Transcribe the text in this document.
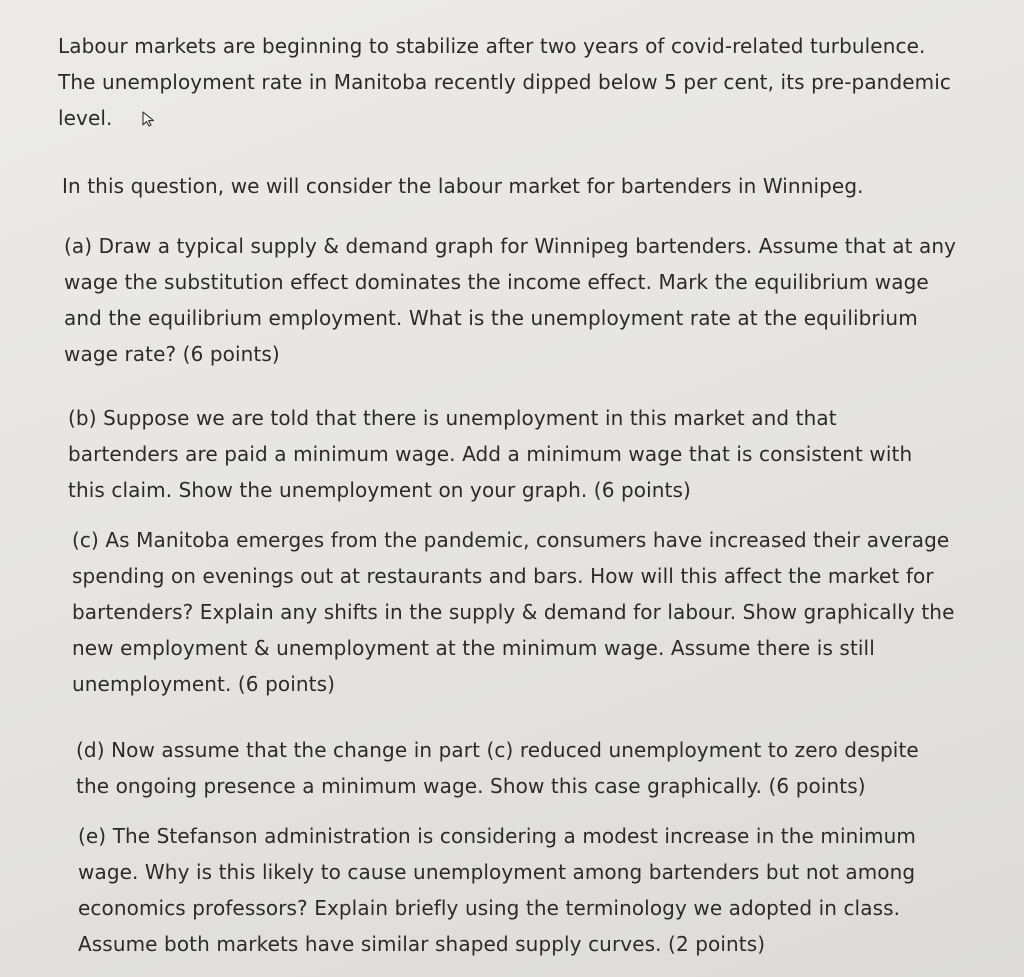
Labour markets are beginning to stabilize after two years of covid-related turbulence. The unemployment rate in Manitoba recently dipped below 5 per cent, its pre-pandemic level.

In this question, we will consider the labour market for bartenders in Winnipeg.

(a) Draw a typical supply & demand graph for Winnipeg bartenders. Assume that at any wage the substitution effect dominates the income effect. Mark the equilibrium wage and the equilibrium employment. What is the unemployment rate at the equilibrium wage rate? (6 points)

(b) Suppose we are told that there is unemployment in this market and that bartenders are paid a minimum wage. Add a minimum wage that is consistent with this claim. Show the unemployment on your graph. (6 points)

(c) As Manitoba emerges from the pandemic, consumers have increased their average spending on evenings out at restaurants and bars. How will this affect the market for bartenders? Explain any shifts in the supply & demand for labour. Show graphically the new employment & unemployment at the minimum wage. Assume there is still unemployment. (6 points)

(d) Now assume that the change in part (c) reduced unemployment to zero despite the ongoing presence a minimum wage. Show this case graphically. (6 points)

(e) The Stefanson administration is considering a modest increase in the minimum wage. Why is this likely to cause unemployment among bartenders but not among economics professors? Explain briefly using the terminology we adopted in class. Assume both markets have similar shaped supply curves. (2 points)
